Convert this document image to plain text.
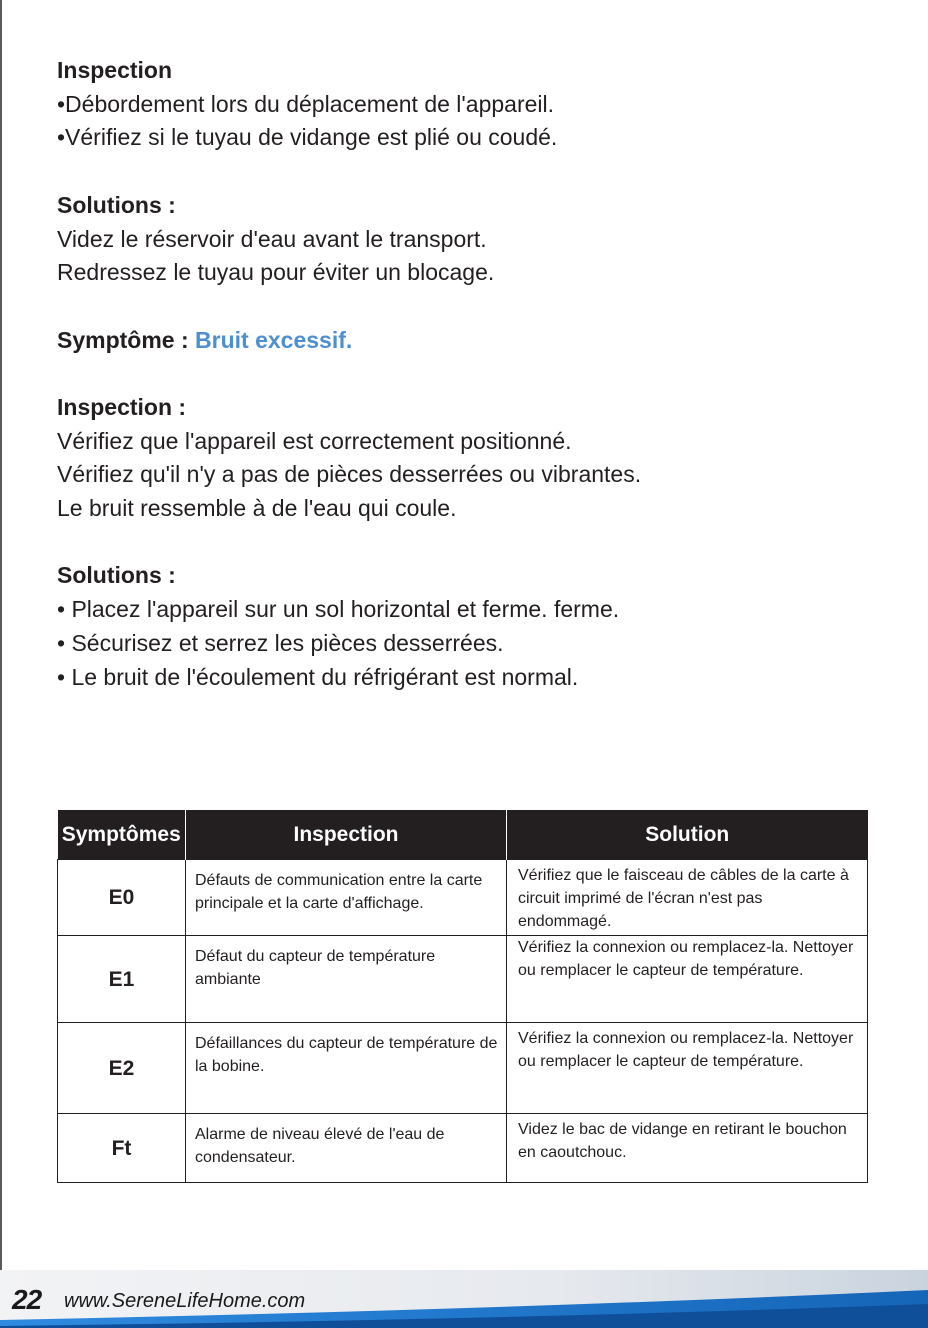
Inspection
•Débordement lors du déplacement de l'appareil.
•Vérifiez si le tuyau de vidange est plié ou coudé.
Solutions :
Videz le réservoir d'eau avant le transport.
Redressez le tuyau pour éviter un blocage.
Symptôme : Bruit excessif.
Inspection :
Vérifiez que l'appareil est correctement positionné.
Vérifiez qu'il n'y a pas de pièces desserrées ou vibrantes.
Le bruit ressemble à de l'eau qui coule.
Solutions :
• Placez l'appareil sur un sol horizontal et ferme. ferme.
• Sécurisez et serrez les pièces desserrées.
• Le bruit de l'écoulement du réfrigérant est normal.
Symptômes	Inspection	Solution
E0	Défauts de communication entre la carte principale et la carte d'affichage.	Vérifiez que le faisceau de câbles de la carte à circuit imprimé de l'écran n'est pas endommagé.
E1	Défaut du capteur de température ambiante	Vérifiez la connexion ou remplacez-la. Nettoyer ou remplacer le capteur de température.
E2	Défaillances du capteur de température de la bobine.	Vérifiez la connexion ou remplacez-la. Nettoyer ou remplacer le capteur de température.
Ft	Alarme de niveau élevé de l'eau de condensateur.	Videz le bac de vidange en retirant le bouchon en caoutchouc.
22 www.SereneLifeHome.com
